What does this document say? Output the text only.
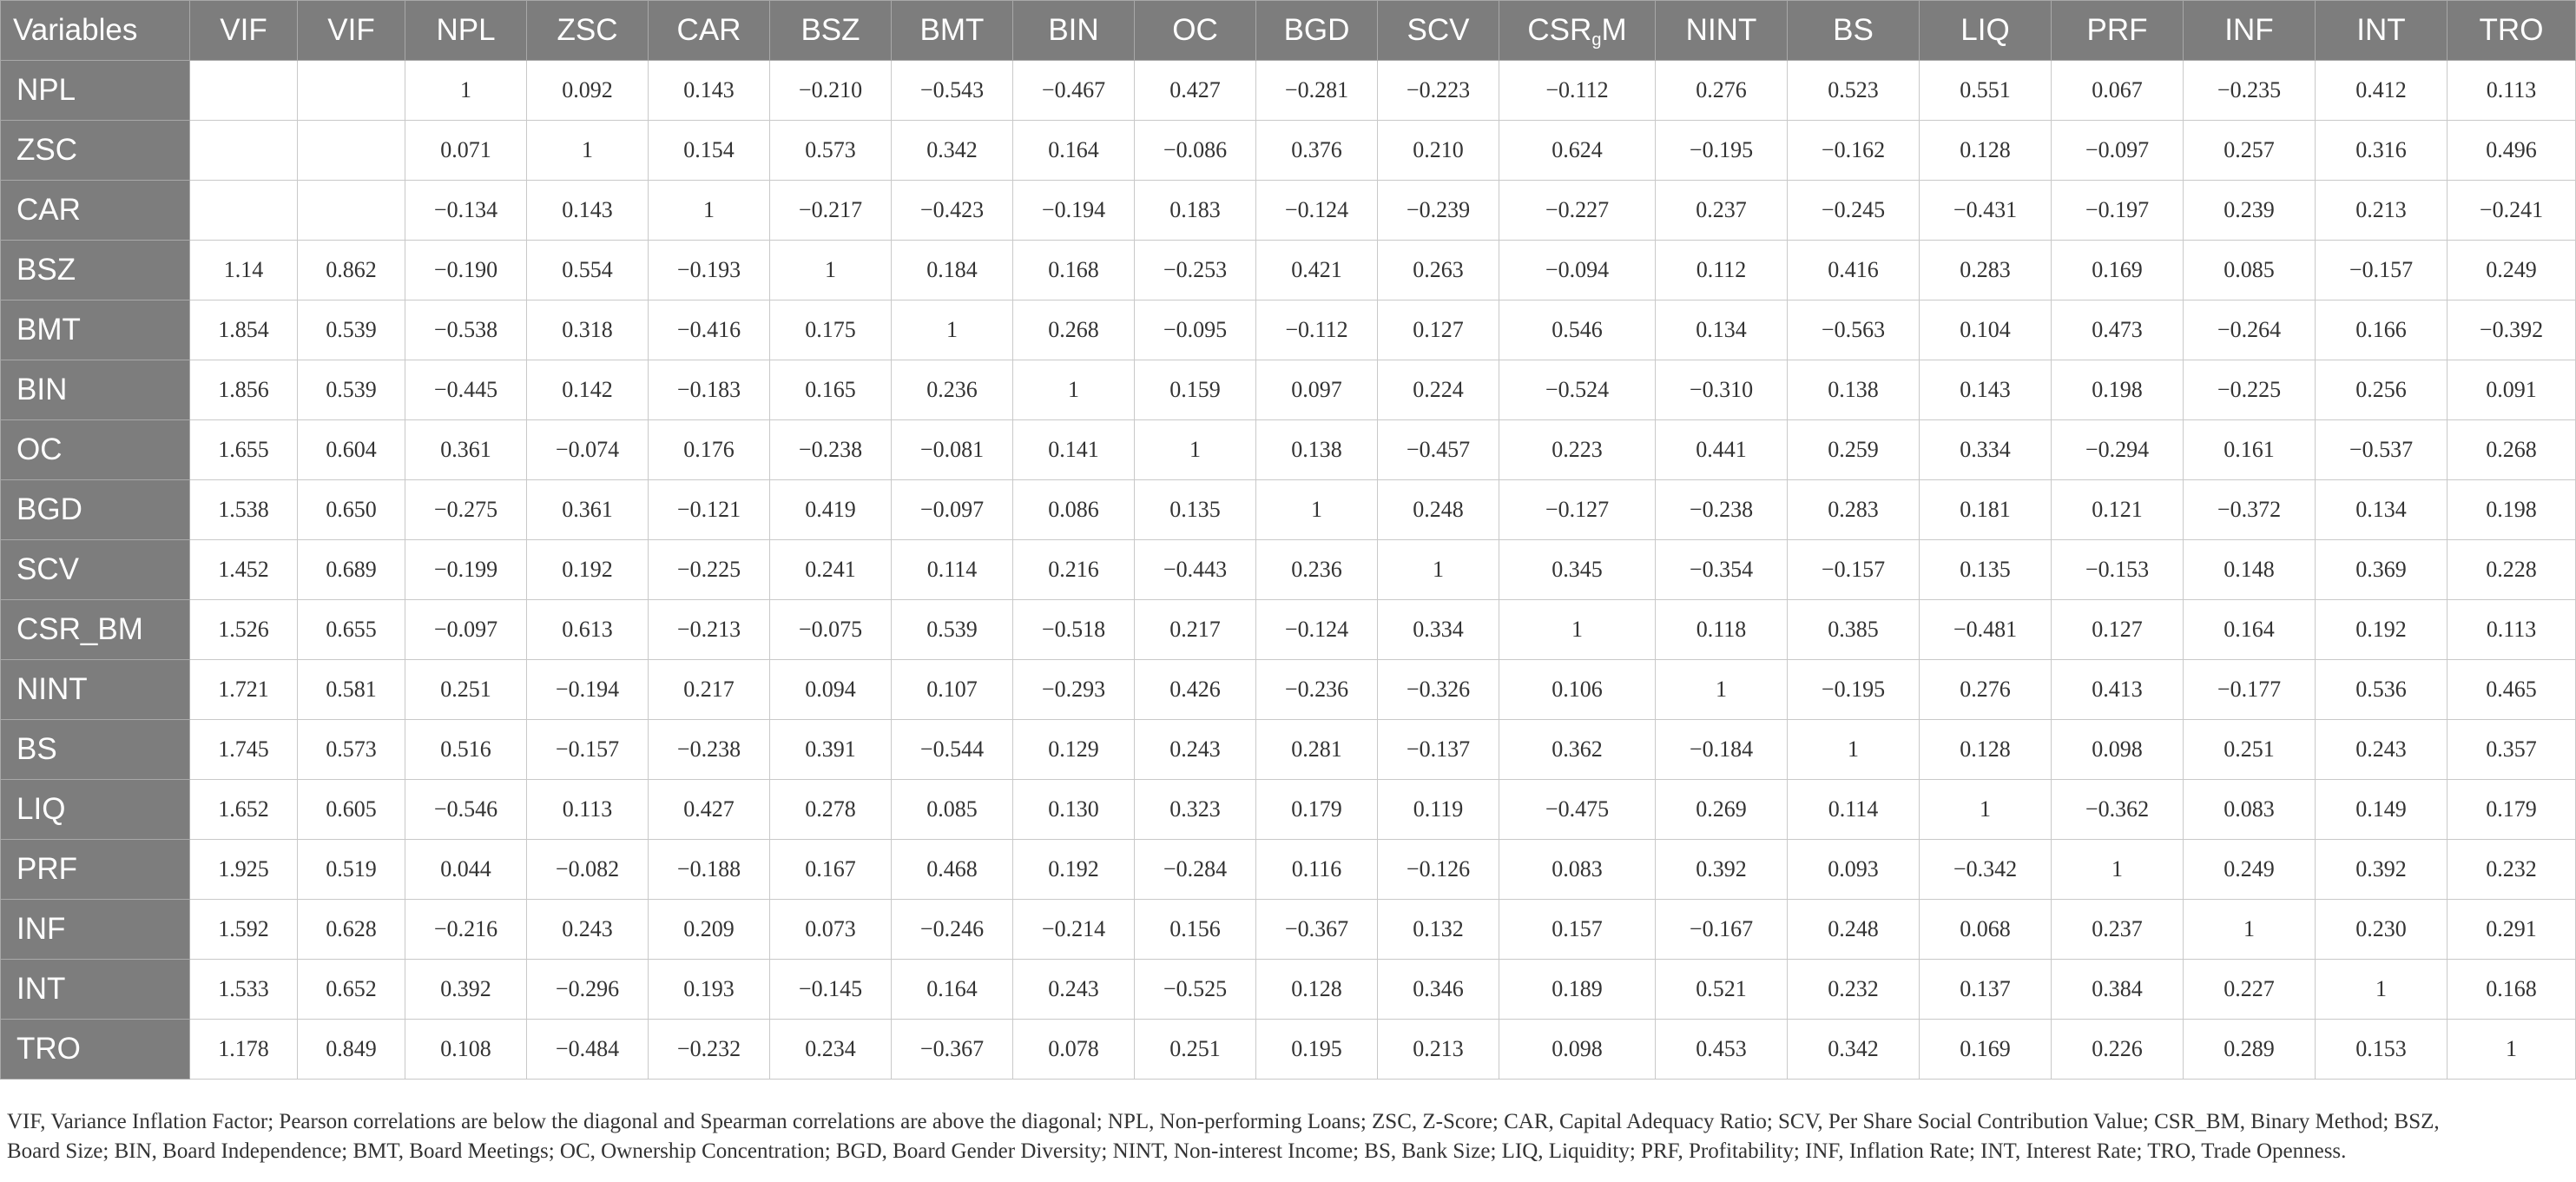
Variables	VIF	VIF	NPL	ZSC	CAR	BSZ	BMT	BIN	OC	BGD	SCV	$CSR_gM$	NINT	BS	LIQ	PRF	INF	INT	TRO
NPL			1	0.092	0.143	−0.210	−0.543	−0.467	0.427	−0.281	−0.223	−0.112	0.276	0.523	0.551	0.067	−0.235	0.412	0.113
ZSC			0.071	1	0.154	0.573	0.342	0.164	−0.086	0.376	0.210	0.624	−0.195	−0.162	0.128	−0.097	0.257	0.316	0.496
CAR			−0.134	0.143	1	−0.217	−0.423	−0.194	0.183	−0.124	−0.239	−0.227	0.237	−0.245	−0.431	−0.197	0.239	0.213	−0.241
BSZ	1.14	0.862	−0.190	0.554	−0.193	1	0.184	0.168	−0.253	0.421	0.263	−0.094	0.112	0.416	0.283	0.169	0.085	−0.157	0.249
BMT	1.854	0.539	−0.538	0.318	−0.416	0.175	1	0.268	−0.095	−0.112	0.127	0.546	0.134	−0.563	0.104	0.473	−0.264	0.166	−0.392
BIN	1.856	0.539	−0.445	0.142	−0.183	0.165	0.236	1	0.159	0.097	0.224	−0.524	−0.310	0.138	0.143	0.198	−0.225	0.256	0.091
OC	1.655	0.604	0.361	−0.074	0.176	−0.238	−0.081	0.141	1	0.138	−0.457	0.223	0.441	0.259	0.334	−0.294	0.161	−0.537	0.268
BGD	1.538	0.650	−0.275	0.361	−0.121	0.419	−0.097	0.086	0.135	1	0.248	−0.127	−0.238	0.283	0.181	0.121	−0.372	0.134	0.198
SCV	1.452	0.689	−0.199	0.192	−0.225	0.241	0.114	0.216	−0.443	0.236	1	0.345	−0.354	−0.157	0.135	−0.153	0.148	0.369	0.228
CSR_BM	1.526	0.655	−0.097	0.613	−0.213	−0.075	0.539	−0.518	0.217	−0.124	0.334	1	0.118	0.385	−0.481	0.127	0.164	0.192	0.113
NINT	1.721	0.581	0.251	−0.194	0.217	0.094	0.107	−0.293	0.426	−0.236	−0.326	0.106	1	−0.195	0.276	0.413	−0.177	0.536	0.465
BS	1.745	0.573	0.516	−0.157	−0.238	0.391	−0.544	0.129	0.243	0.281	−0.137	0.362	−0.184	1	0.128	0.098	0.251	0.243	0.357
LIQ	1.652	0.605	−0.546	0.113	0.427	0.278	0.085	0.130	0.323	0.179	0.119	−0.475	0.269	0.114	1	−0.362	0.083	0.149	0.179
PRF	1.925	0.519	0.044	−0.082	−0.188	0.167	0.468	0.192	−0.284	0.116	−0.126	0.083	0.392	0.093	−0.342	1	0.249	0.392	0.232
INF	1.592	0.628	−0.216	0.243	0.209	0.073	−0.246	−0.214	0.156	−0.367	0.132	0.157	−0.167	0.248	0.068	0.237	1	0.230	0.291
INT	1.533	0.652	0.392	−0.296	0.193	−0.145	0.164	0.243	−0.525	0.128	0.346	0.189	0.521	0.232	0.137	0.384	0.227	1	0.168
TRO	1.178	0.849	0.108	−0.484	−0.232	0.234	−0.367	0.078	0.251	0.195	0.213	0.098	0.453	0.342	0.169	0.226	0.289	0.153	1
VIF, Variance Inflation Factor; Pearson correlations are below the diagonal and Spearman correlations are above the diagonal; NPL, Non-performing Loans; ZSC, Z-Score; CAR, Capital Adequacy Ratio; SCV, Per Share Social Contribution Value; CSR_BM, Binary Method; BSZ, Board Size; BIN, Board Independence; BMT, Board Meetings; OC, Ownership Concentration; BGD, Board Gender Diversity; NINT, Non-interest Income; BS, Bank Size; LIQ, Liquidity; PRF, Profitability; INF, Inflation Rate; INT, Interest Rate; TRO, Trade Openness.
